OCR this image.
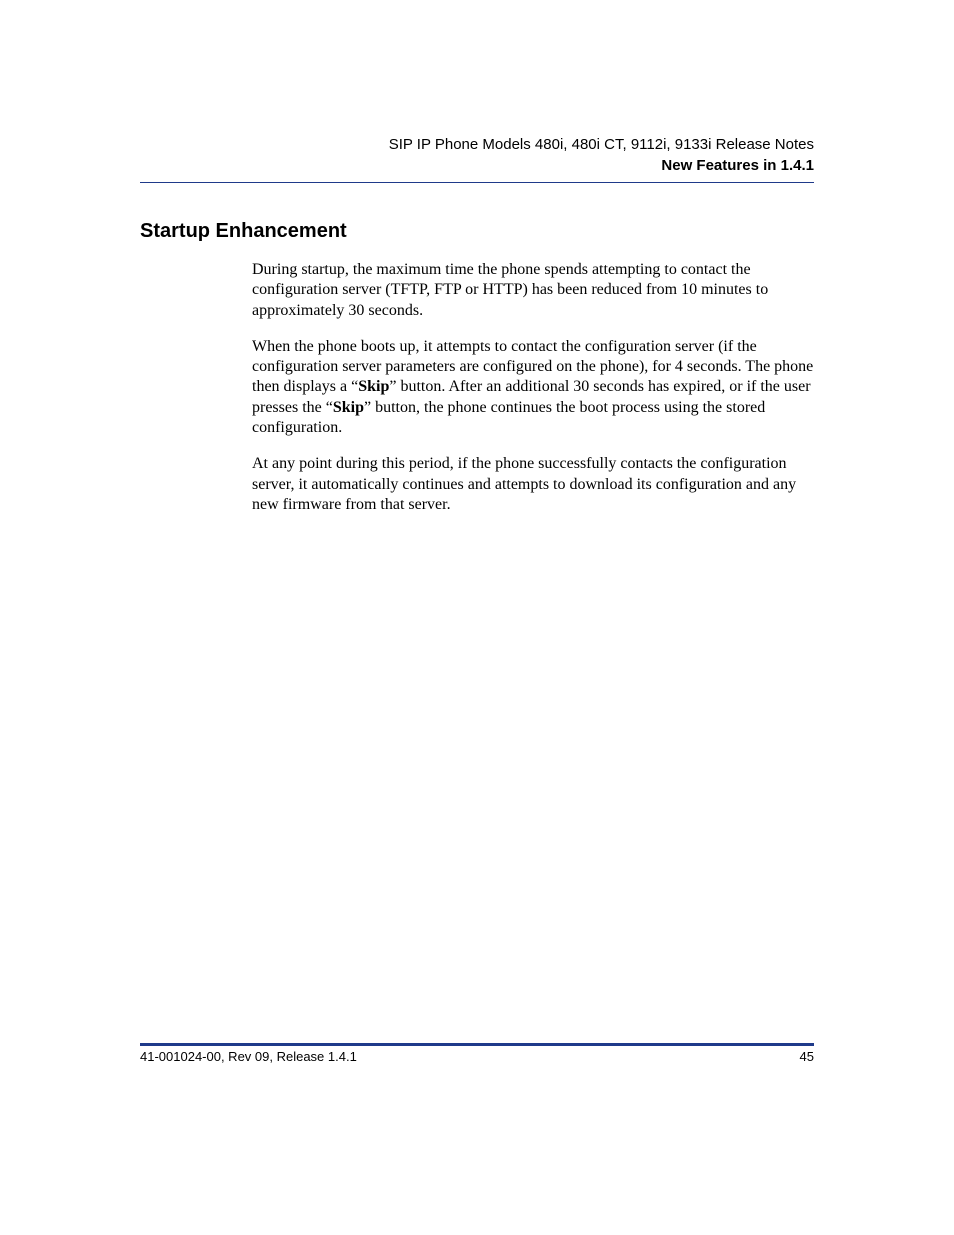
SIP IP Phone Models 480i, 480i CT, 9112i, 9133i Release Notes
New Features in 1.4.1
Startup Enhancement

During startup, the maximum time the phone spends attempting to contact the configuration server (TFTP, FTP or HTTP) has been reduced from 10 minutes to approximately 30 seconds.

When the phone boots up, it attempts to contact the configuration server (if the configuration server parameters are configured on the phone), for 4 seconds. The phone then displays a “Skip” button. After an additional 30 seconds has expired, or if the user presses the “Skip” button, the phone continues the boot process using the stored configuration.

At any point during this period, if the phone successfully contacts the configuration server, it automatically continues and attempts to download its configuration and any new firmware from that server.

41-001024-00, Rev 09, Release 1.4.1	45
